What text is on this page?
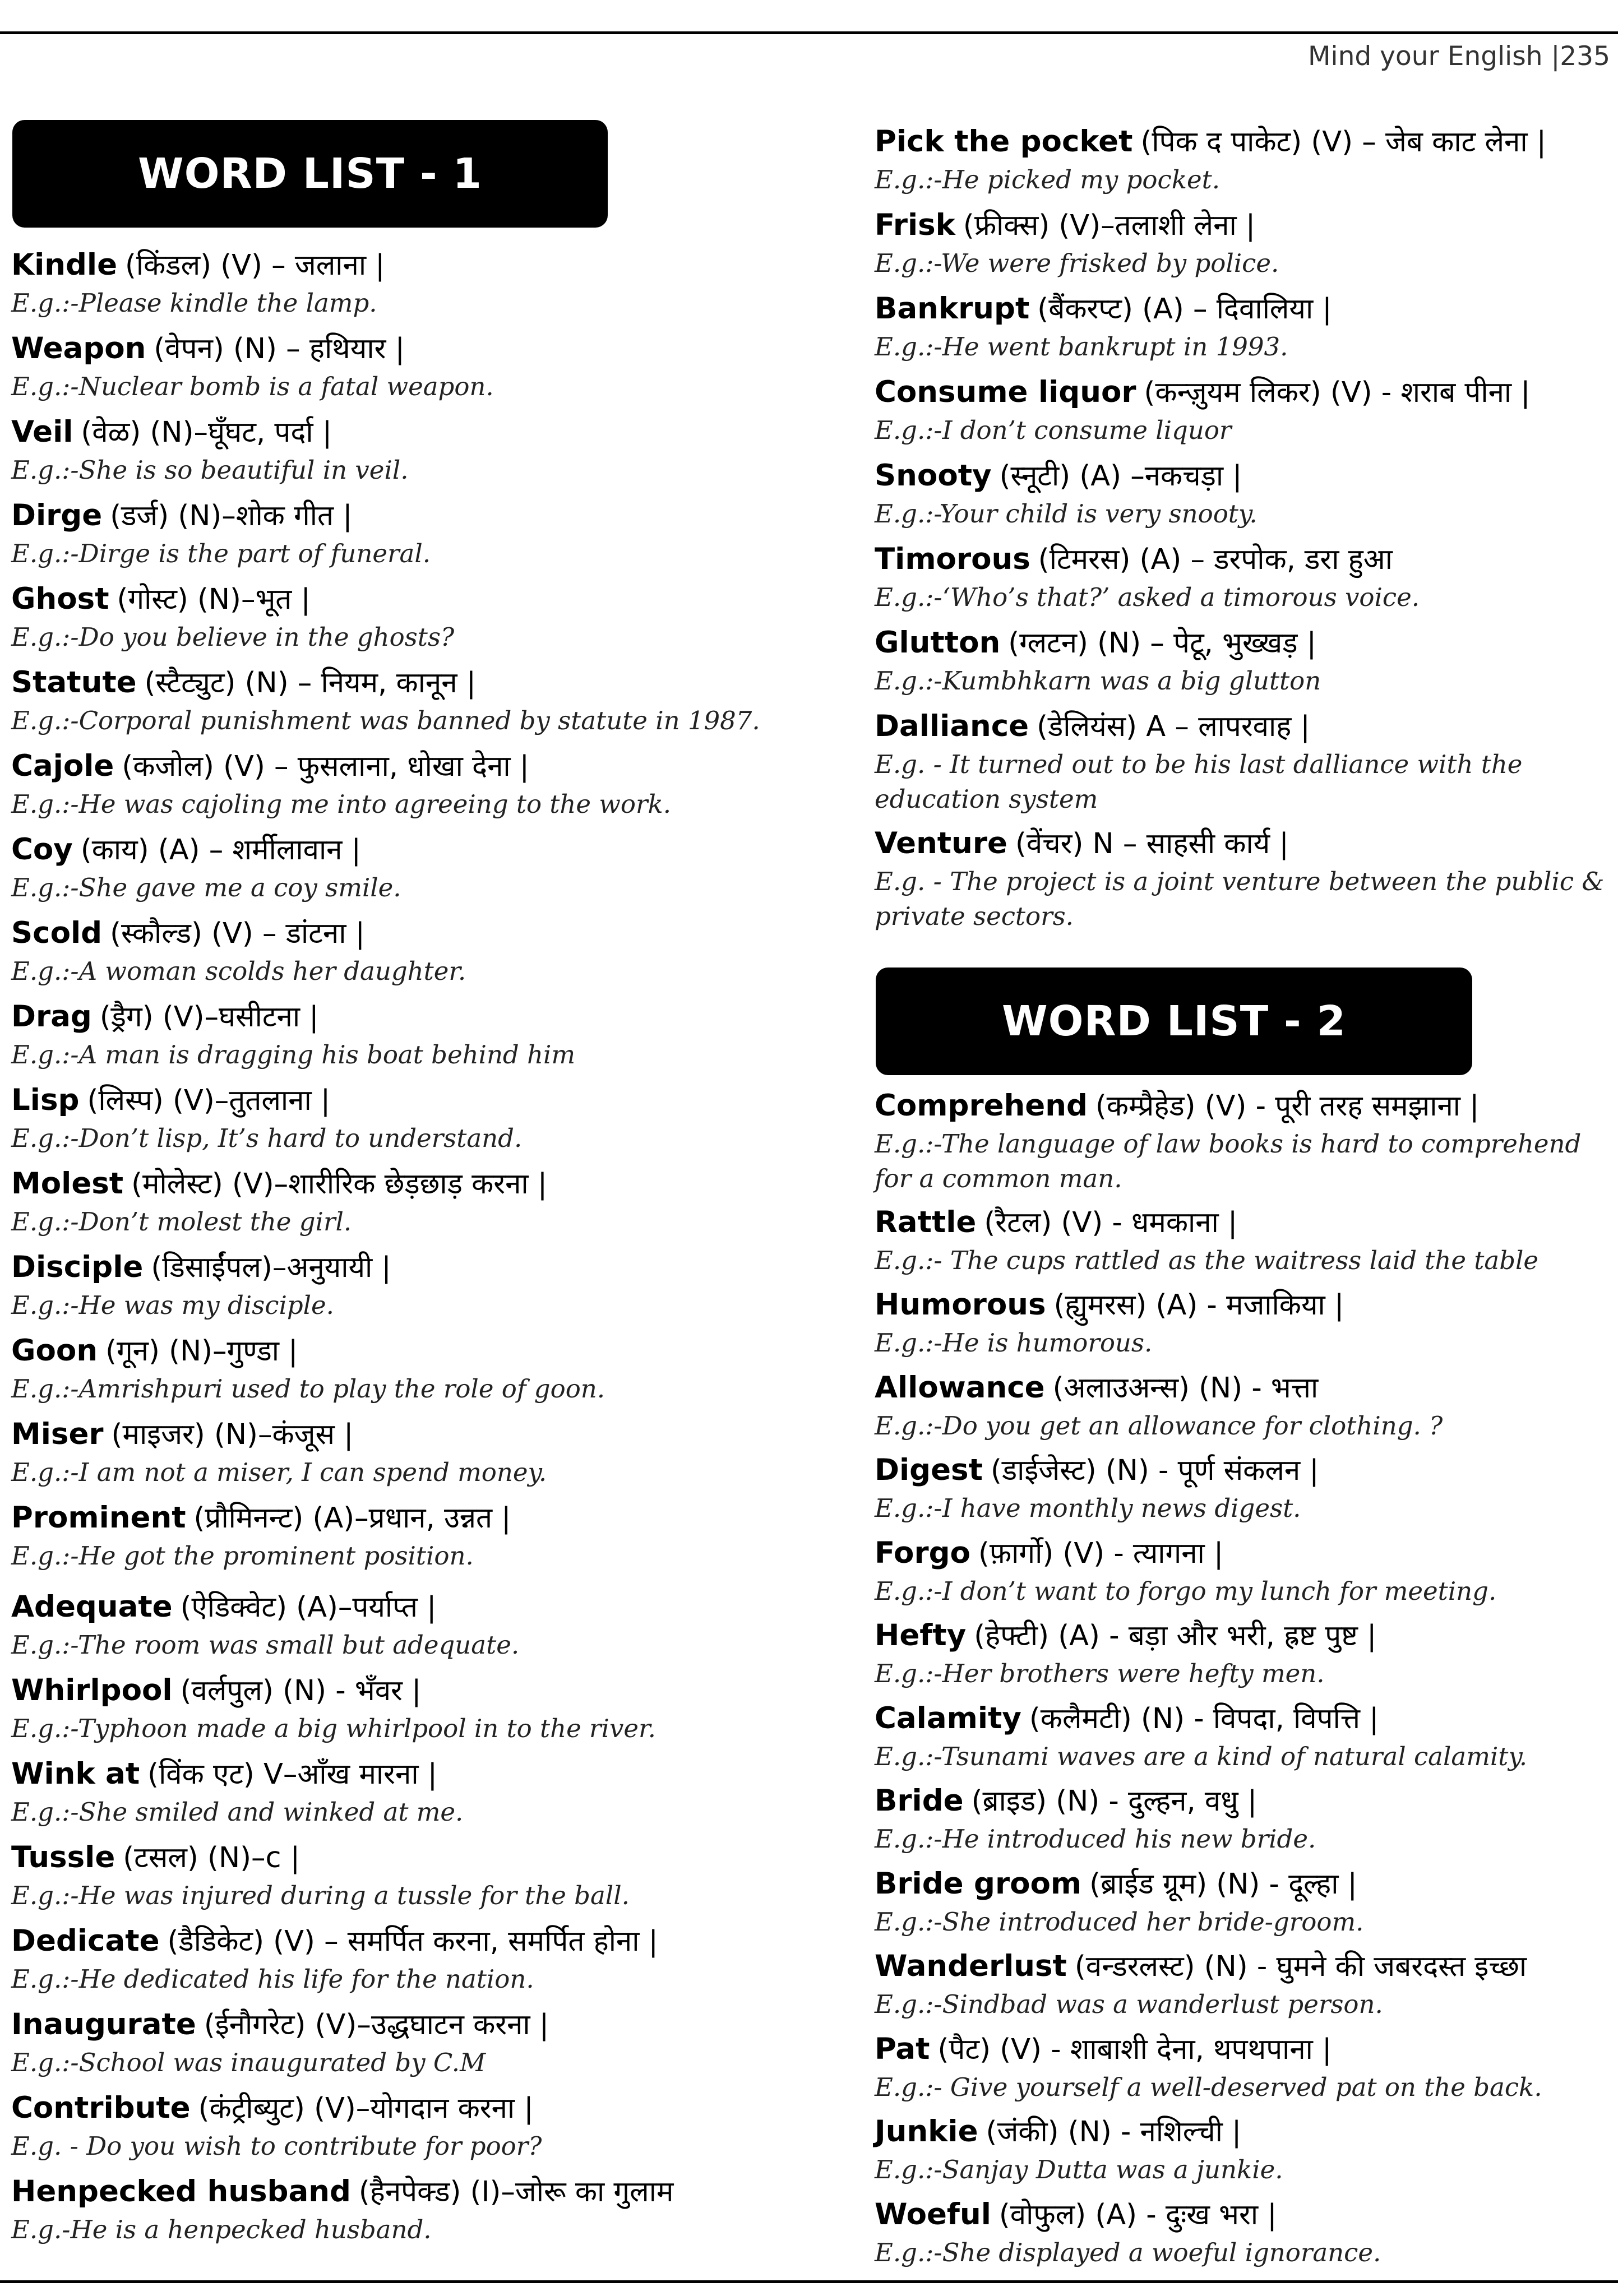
Mind your English |235
WORD LIST - 1
Kindle (किंडल) (V) – जलाना |
E.g.:-Please kindle the lamp.
Weapon (वेपन) (N) – हथियार |
E.g.:-Nuclear bomb is a fatal weapon.
Veil (वेळ) (N)–घूँघट, पर्दा |
E.g.:-She is so beautiful in veil.
Dirge (डर्ज) (N)–शोक गीत |
E.g.:-Dirge is the part of funeral.
Ghost (गोस्ट) (N)–भूत |
E.g.:-Do you believe in the ghosts?
Statute (स्टैट्युट) (N) – नियम, कानून |
E.g.:-Corporal punishment was banned by statute in 1987.
Cajole (कजोल) (V) – फुसलाना, धोखा देना |
E.g.:-He was cajoling me into agreeing to the work.
Coy (काय) (A) – शर्मीलावान |
E.g.:-She gave me a coy smile.
Scold (स्कौल्ड) (V) – डांटना |
E.g.:-A woman scolds her daughter.
Drag (ड्रैग) (V)–घसीटना |
E.g.:-A man is dragging his boat behind him
Lisp (लिस्प) (V)–तुतलाना |
E.g.:-Don’t lisp, It’s hard to understand.
Molest (मोलेस्ट) (V)–शारीरिक छेड़छाड़ करना |
E.g.:-Don’t molest the girl.
Disciple (डिसाईंपल)–अनुयायी |
E.g.:-He was my disciple.
Goon (गून) (N)–गुण्डा |
E.g.:-Amrishpuri used to play the role of goon.
Miser (माइजर) (N)–कंजूस |
E.g.:-I am not a miser, I can spend money.
Prominent (प्रौमिनन्ट) (A)–प्रधान, उन्नत |
E.g.:-He got the prominent position.
Adequate (ऐडिक्वेट) (A)–पर्याप्त |
E.g.:-The room was small but adequate.
Whirlpool (वर्लपुल) (N) - भँवर |
E.g.:-Typhoon made a big whirlpool in to the river.
Wink at (विंक एट) V–आँख मारना |
E.g.:-She smiled and winked at me.
Tussle (टसल) (N)–c |
E.g.:-He was injured during a tussle for the ball.
Dedicate (डैडिकेट) (V) – समर्पित करना, समर्पित होना |
E.g.:-He dedicated his life for the nation.
Inaugurate (ईनौगरेट) (V)–उद्धघाटन करना |
E.g.:-School was inaugurated by C.M
Contribute (कंट्रीब्युट) (V)–योगदान करना |
E.g. - Do you wish to contribute for poor?
Henpecked husband (हैनपेक्ड) (I)–जोरू का गुलाम
E.g.-He is a henpecked husband.
Pick the pocket (पिक द पाकेट) (V) – जेब काट लेना |
E.g.:-He picked my pocket.
Frisk (फ्रीक्स) (V)–तलाशी लेना |
E.g.:-We were frisked by police.
Bankrupt (बैंकरप्ट) (A) – दिवालिया |
E.g.:-He went bankrupt in 1993.
Consume liquor (कन्ज़ुयम लिकर) (V) - शराब पीना |
E.g.:-I don’t consume liquor
Snooty (स्नूटी) (A) –नकचड़ा |
E.g.:-Your child is very snooty.
Timorous (टिमरस) (A) – डरपोक, डरा हुआ
E.g.:-‘Who’s that?’ asked a timorous voice.
Glutton (ग्लटन) (N) – पेटू, भुख्खड़ |
E.g.:-Kumbhkarn was a big glutton
Dalliance (डेलियंस) A – लापरवाह |
E.g. - It turned out to be his last dalliance with the education system
Venture (वेंचर) N – साहसी कार्य |
E.g. - The project is a joint venture between the public & private sectors.
WORD LIST - 2
Comprehend (कम्प्रैहेड) (V) - पूरी तरह समझाना |
E.g.:-The language of law books is hard to comprehend for a common man.
Rattle (रैटल) (V) - धमकाना |
E.g.:- The cups rattled as the waitress laid the table
Humorous (ह्युमरस) (A) - मजाकिया |
E.g.:-He is humorous.
Allowance (अलाउअन्स) (N) - भत्ता
E.g.:-Do you get an allowance for clothing. ?
Digest (डाईजेस्ट) (N) - पूर्ण संकलन |
E.g.:-I have monthly news digest.
Forgo (फ़ार्गो) (V) - त्यागना |
E.g.:-I don’t want to forgo my lunch for meeting.
Hefty (हेफ्टी) (A) - बड़ा और भरी, ह्रष्ट पुष्ट |
E.g.:-Her brothers were hefty men.
Calamity (कलैमटी) (N) - विपदा, विपत्ति |
E.g.:-Tsunami waves are a kind of natural calamity.
Bride (ब्राइड) (N) - दुल्हन, वधु |
E.g.:-He introduced his new bride.
Bride groom (ब्राईड ग्रूम) (N) - दूल्हा |
E.g.:-She introduced her bride-groom.
Wanderlust (वन्डरलस्ट) (N) - घुमने की जबरदस्त इच्छा
E.g.:-Sindbad was a wanderlust person.
Pat (पैट) (V) - शाबाशी देना, थपथपाना |
E.g.:- Give yourself a well-deserved pat on the back.
Junkie (जंकी) (N) - नशिल्ची |
E.g.:-Sanjay Dutta was a junkie.
Woeful (वोफुल) (A) - दुःख भरा |
E.g.:-She displayed a woeful ignorance.
